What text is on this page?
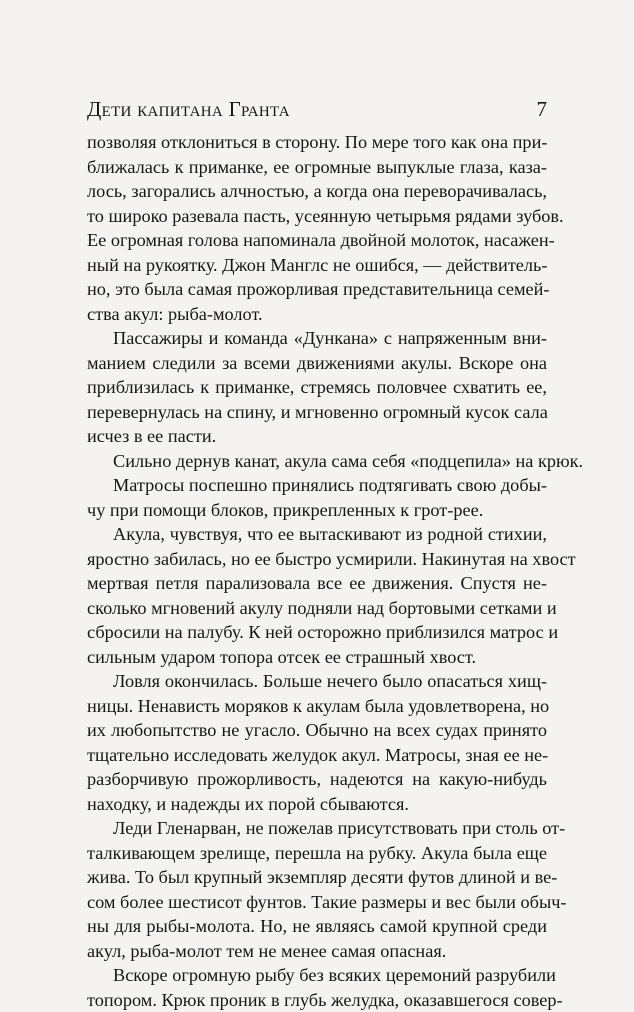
Дети капитана Гранта	7
позволяя отклониться в сторону. По мере того как она при-
ближалась к приманке, ее огромные выпуклые глаза, каза-
лось, загорались алчностью, а когда она переворачивалась,
то широко разевала пасть, усеянную четырьмя рядами зубов.
Ее огромная голова напоминала двойной молоток, насажен-
ный на рукоятку. Джон Манглс не ошибся, — действитель-
но, это была самая прожорливая представительница семей-
ства акул: рыба-молот.
Пассажиры и команда «Дункана» с напряженным вни-
манием следили за всеми движениями акулы. Вскоре она
приблизилась к приманке, стремясь половчее схватить ее,
перевернулась на спину, и мгновенно огромный кусок сала
исчез в ее пасти.
Сильно дернув канат, акула сама себя «подцепила» на крюк.
Матросы поспешно принялись подтягивать свою добы-
чу при помощи блоков, прикрепленных к грот-рее.
Акула, чувствуя, что ее вытаскивают из родной стихии,
яростно забилась, но ее быстро усмирили. Накинутая на хвост
мертвая петля парализовала все ее движения. Спустя не-
сколько мгновений акулу подняли над бортовыми сетками и
сбросили на палубу. К ней осторожно приблизился матрос и
сильным ударом топора отсек ее страшный хвост.
Ловля окончилась. Больше нечего было опасаться хищ-
ницы. Ненависть моряков к акулам была удовлетворена, но
их любопытство не угасло. Обычно на всех судах принято
тщательно исследовать желудок акул. Матросы, зная ее не-
разборчивую прожорливость, надеются на какую-нибудь
находку, и надежды их порой сбываются.
Леди Гленарван, не пожелав присутствовать при столь от-
талкивающем зрелище, перешла на рубку. Акула была еще
жива. То был крупный экземпляр десяти футов длиной и ве-
сом более шестисот фунтов. Такие размеры и вес были обыч-
ны для рыбы-молота. Но, не являясь самой крупной среди
акул, рыба-молот тем не менее самая опасная.
Вскоре огромную рыбу без всяких церемоний разрубили
топором. Крюк проник в глубь желудка, оказавшегося совер-
